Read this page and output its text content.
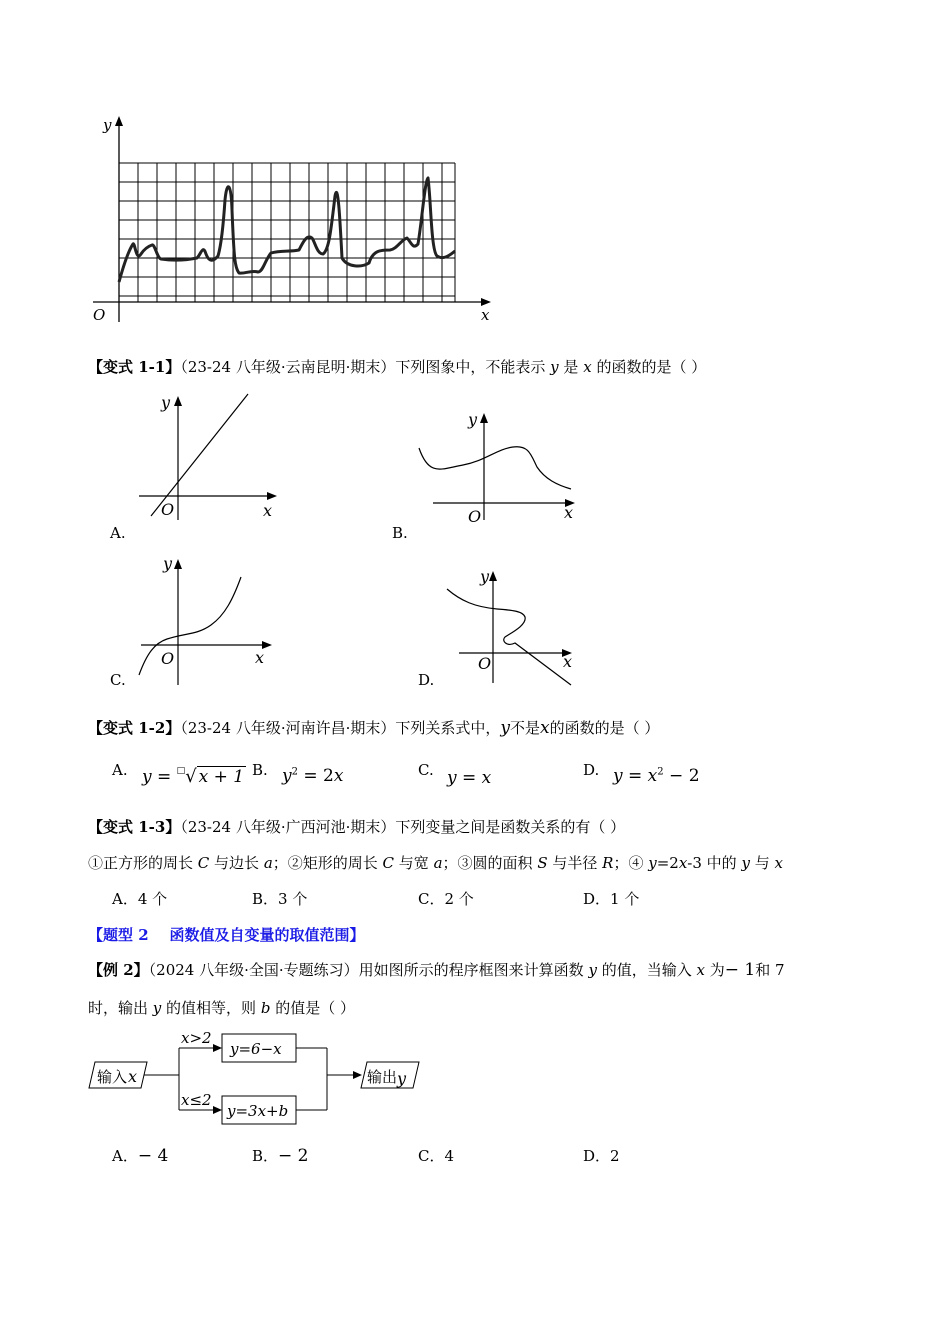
y
x
O
【变式 1-1】（23-24 八年级·云南昆明·期末）下列图象中，不能表示 y 是 x 的函数的是（ ）
y
x
O
A.
y
x
O
B.
y
x
O
C.
y
x
O
D.
【变式 1-2】（23-24 八年级·河南许昌·期末）下列关系式中，y不是x的函数的是（ ）
A. y = □√ x + 1 B. $y^2 = 2x$	C. y = x	D. $y = x^2 - 2$
【变式 1-3】（23-24 八年级·广西河池·期末）下列变量之间是函数关系的有（ ）
①正方形的周长 C 与边长 a；②矩形的周长 C 与宽 a；③圆的面积 S 与半径 R；④ y=2x-3 中的 y 与 x
A．4 个	B．3 个	C．2 个	D．1 个
【题型 2    函数值及自变量的取值范围】
【例 2】（2024 八年级·全国·专题练习）用如图所示的程序框图来计算函数 y 的值，当输入 x 为− 1和 7
时，输出 y 的值相等，则 b 的值是（ ）
输入 x
x>2
x≤2
y=6−x
y=3x+b
输出 y
A．− 4	B．− 2	C．4	D．2
